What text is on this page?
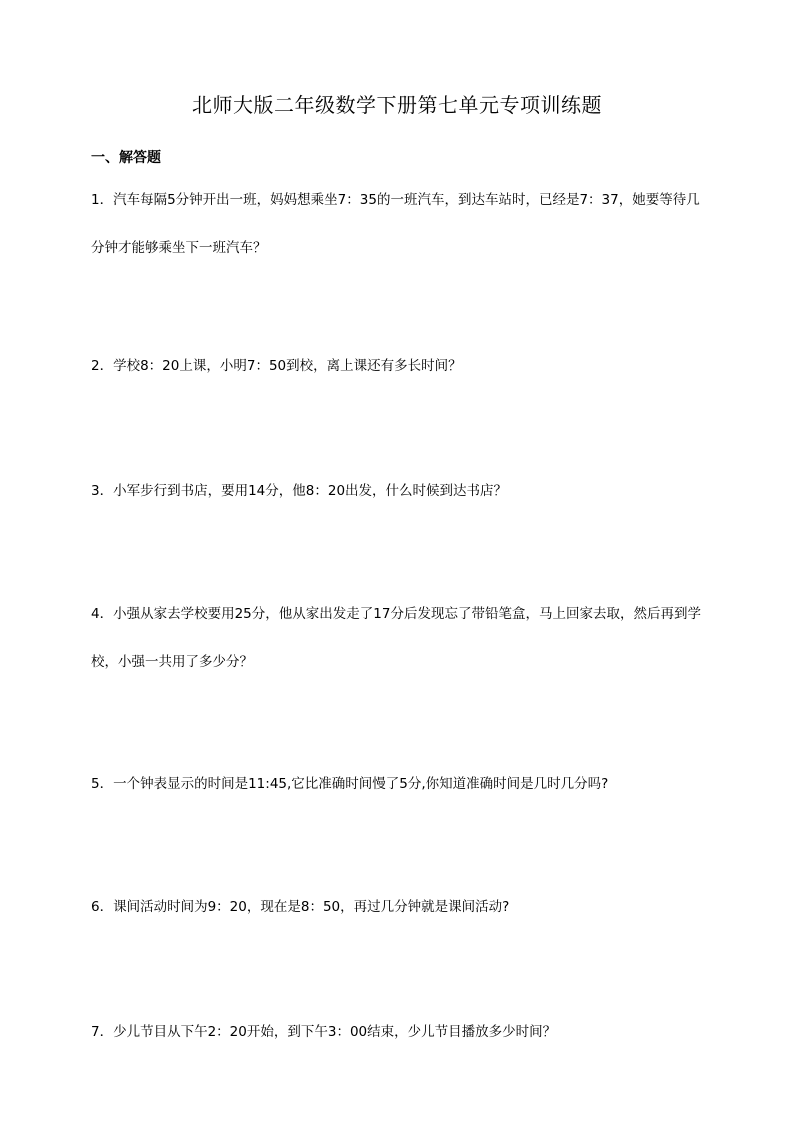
北师大版二年级数学下册第七单元专项训练题
一、解答题
1．汽车每隔5分钟开出一班，妈妈想乘坐7：35的一班汽车，到达车站时，已经是7：37，她要等待几分钟才能够乘坐下一班汽车？
2．学校8：20上课，小明7：50到校，离上课还有多长时间？
3．小军步行到书店，要用14分，他8：20出发，什么时候到达书店？
4．小强从家去学校要用25分，他从家出发走了17分后发现忘了带铅笔盒，马上回家去取，然后再到学校，小强一共用了多少分？
5．一个钟表显示的时间是11:45,它比准确时间慢了5分,你知道准确时间是几时几分吗?
6．课间活动时间为9：20，现在是8：50，再过几分钟就是课间活动?
7．少儿节目从下午2：20开始，到下午3：00结束，少儿节目播放多少时间？
